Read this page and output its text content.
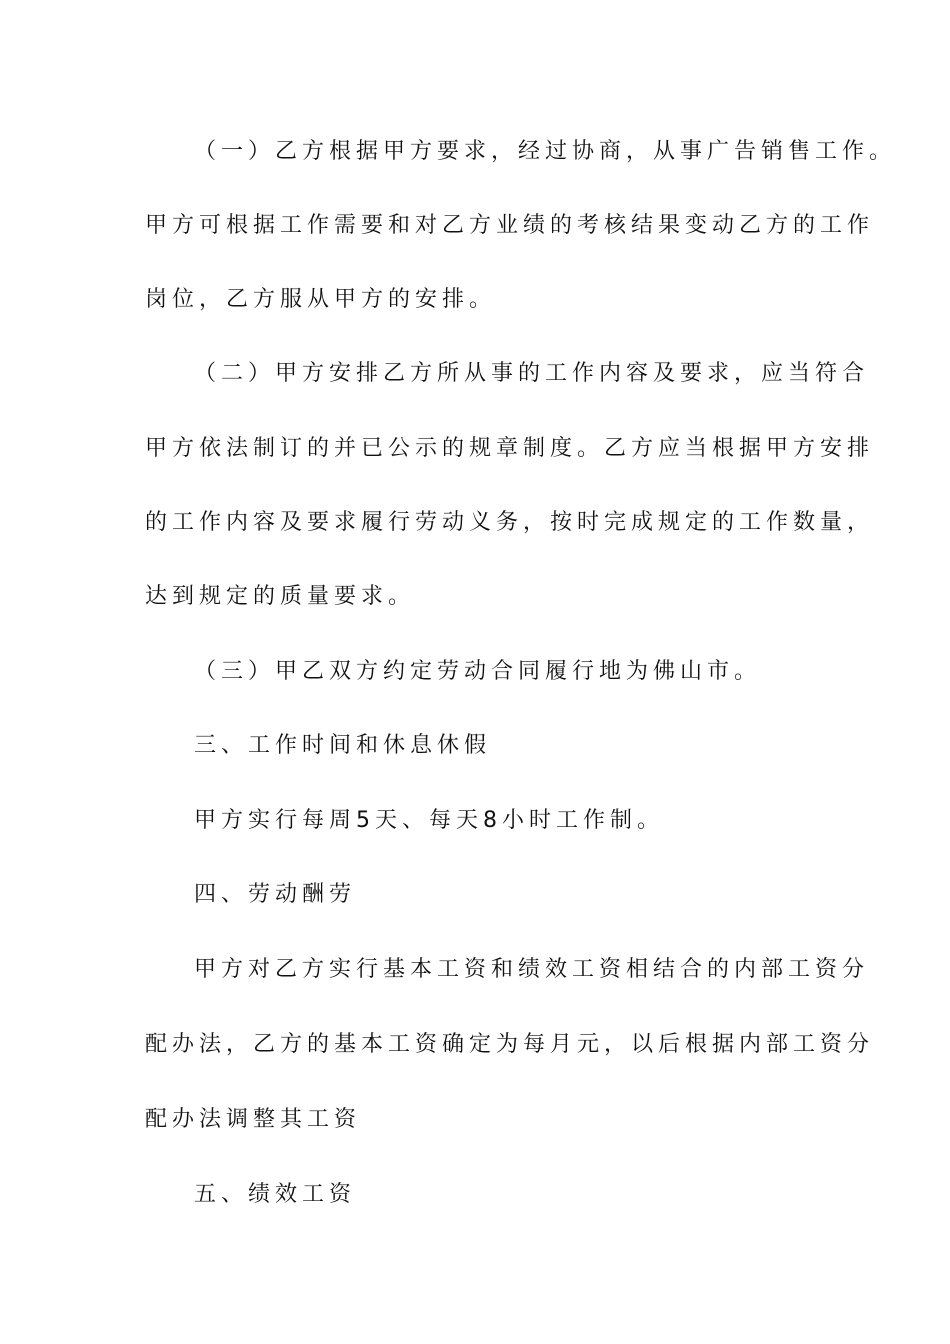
（一）乙方根据甲方要求，经过协商，从事广告销售工作。
甲方可根据工作需要和对乙方业绩的考核结果变动乙方的工作
岗位，乙方服从甲方的安排。
（二）甲方安排乙方所从事的工作内容及要求，应当符合
甲方依法制订的并已公示的规章制度。乙方应当根据甲方安排
的工作内容及要求履行劳动义务，按时完成规定的工作数量，
达到规定的质量要求。
（三）甲乙双方约定劳动合同履行地为佛山市。
三、工作时间和休息休假
甲方实行每周5天、每天8小时工作制。
四、劳动酬劳
甲方对乙方实行基本工资和绩效工资相结合的内部工资分
配办法，乙方的基本工资确定为每月元，以后根据内部工资分
配办法调整其工资
五、绩效工资
